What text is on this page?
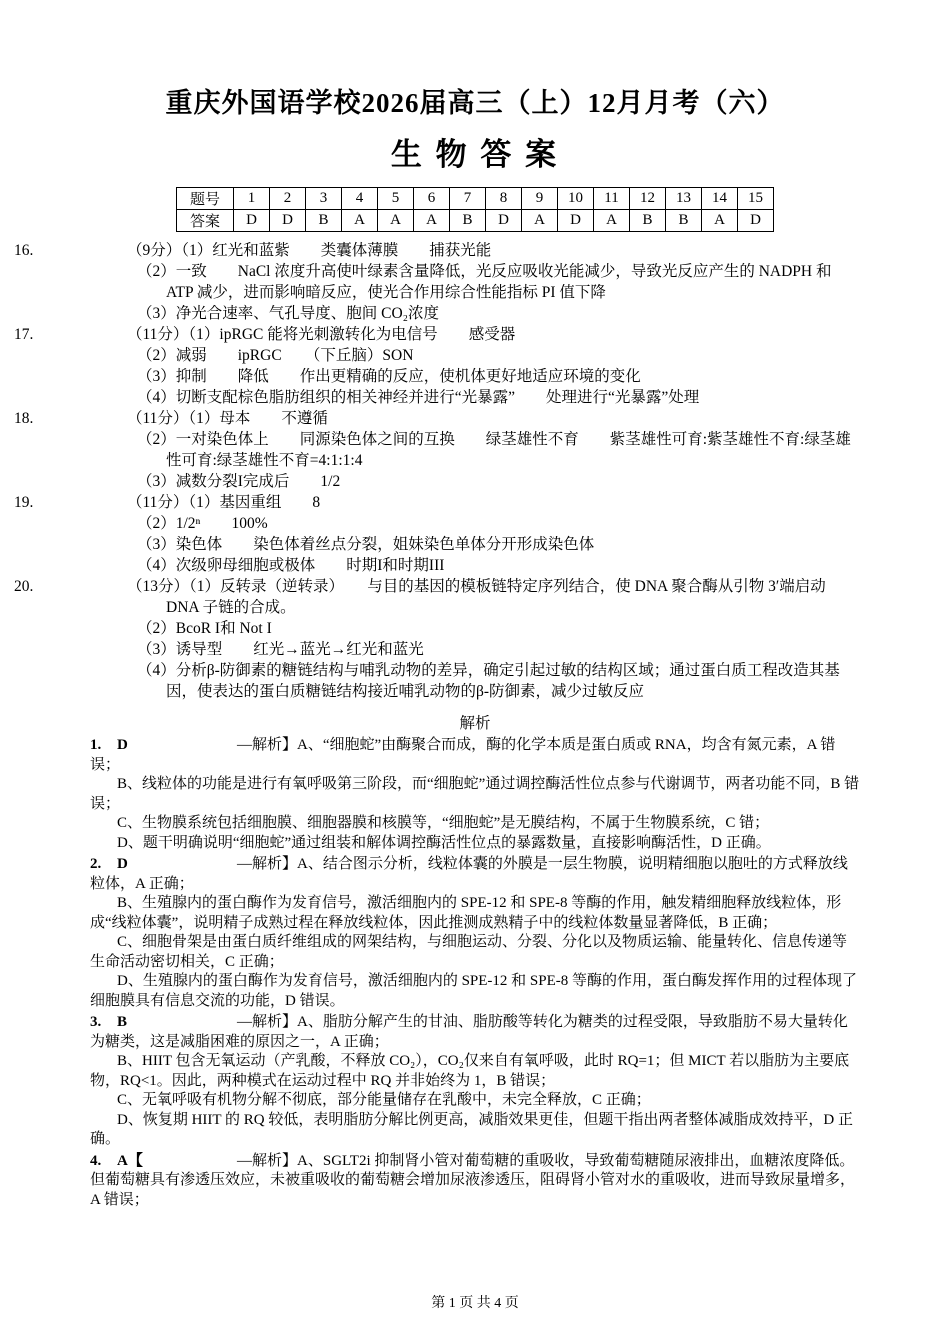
重庆外国语学校2026届高三（上）12月月考（六）
生 物 答 案
题号	1	2	3	4	5	6	7	8	9	10	11	12	13	14	15
答案	D	D	B	A	A	A	B	D	A	D	A	B	B	A	D

16.	（9分）（1）红光和蓝紫　　类囊体薄膜　　捕获光能

（2）一致　　NaCl 浓度升高使叶绿素含量降低，光反应吸收光能减少，导致光反应产生的 NADPH 和 ATP 减少，进而影响暗反应，使光合作用综合性能指标 PI 值下降

（3）净光合速率、气孔导度、胞间 CO₂浓度

17.	（11分）（1）ipRGC 能将光刺激转化为电信号　　感受器

（2）减弱　　ipRGC　　（下丘脑）SON

（3）抑制　　降低　　作出更精确的反应，使机体更好地适应环境的变化

（4）切断支配棕色脂肪组织的相关神经并进行“光暴露”　　处理进行“光暴露”处理

18.	（11分）（1）母本　　不遵循

（2）一对染色体上　　同源染色体之间的互换　　绿茎雄性不育　　紫茎雄性可育:紫茎雄性不育:绿茎雄性可育:绿茎雄性不育=4:1:1:4

（3）减数分裂I完成后　　1/2

19.	（11分）（1）基因重组　　8

（2）1/2ⁿ　　100%

（3）染色体　　染色体着丝点分裂，姐妹染色单体分开形成染色体

（4）次级卵母细胞或极体　　时期I和时期III

20.	（13分）（1）反转录（逆转录）　　与目的基因的模板链特定序列结合，使 DNA 聚合酶从引物 3′端启动 DNA 子链的合成。

（2）BcoR I和 Not I

（3）诱导型　　红光→蓝光→红光和蓝光

（4）分析β-防御素的糖链结构与哺乳动物的差异，确定引起过敏的结构区域；通过蛋白质工程改造其基因，使表达的蛋白质糖链结构接近哺乳动物的β-防御素，减少过敏反应

解析

1. D	—解析】A、“细胞蛇”由酶聚合而成，酶的化学本质是蛋白质或 RNA，均含有氮元素，A 错误；

B、线粒体的功能是进行有氧呼吸第三阶段，而“细胞蛇”通过调控酶活性位点参与代谢调节，两者功能不同，B 错误；

C、生物膜系统包括细胞膜、细胞器膜和核膜等，“细胞蛇”是无膜结构，不属于生物膜系统，C 错；

D、题干明确说明“细胞蛇”通过组装和解体调控酶活性位点的暴露数量，直接影响酶活性，D 正确。

2. D	—解析】A、结合图示分析，线粒体囊的外膜是一层生物膜，说明精细胞以胞吐的方式释放线粒体，A 正确；

B、生殖腺内的蛋白酶作为发育信号，激活细胞内的 SPE-12 和 SPE-8 等酶的作用，触发精细胞释放线粒体，形成“线粒体囊”，说明精子成熟过程在释放线粒体，因此推测成熟精子中的线粒体数量显著降低，B 正确；

C、细胞骨架是由蛋白质纤维组成的网架结构，与细胞运动、分裂、分化以及物质运输、能量转化、信息传递等生命活动密切相关，C 正确；

D、生殖腺内的蛋白酶作为发育信号，激活细胞内的 SPE-12 和 SPE-8 等酶的作用，蛋白酶发挥作用的过程体现了细胞膜具有信息交流的功能，D 错误。

3. B	—解析】A、脂肪分解产生的甘油、脂肪酸等转化为糖类的过程受限，导致脂肪不易大量转化为糖类，这是减脂困难的原因之一，A 正确；

B、HIIT 包含无氧运动（产乳酸，不释放 CO₂），CO₂仅来自有氧呼吸，此时 RQ=1；但 MICT 若以脂肪为主要底物，RQ<1。因此，两种模式在运动过程中 RQ 并非始终为 1，B 错误；

C、无氧呼吸有机物分解不彻底，部分能量储存在乳酸中，未完全释放，C 正确；

D、恢复期 HIIT 的 RQ 较低，表明脂肪分解比例更高，减脂效果更佳，但题干指出两者整体减脂成效持平，D 正确。

4. A【	—解析】A、SGLT2i 抑制肾小管对葡萄糖的重吸收，导致葡萄糖随尿液排出，血糖浓度降低。但葡萄糖具有渗透压效应，未被重吸收的葡萄糖会增加尿液渗透压，阻碍肾小管对水的重吸收，进而导致尿量增多，A 错误；

第 1 页 共 4 页
